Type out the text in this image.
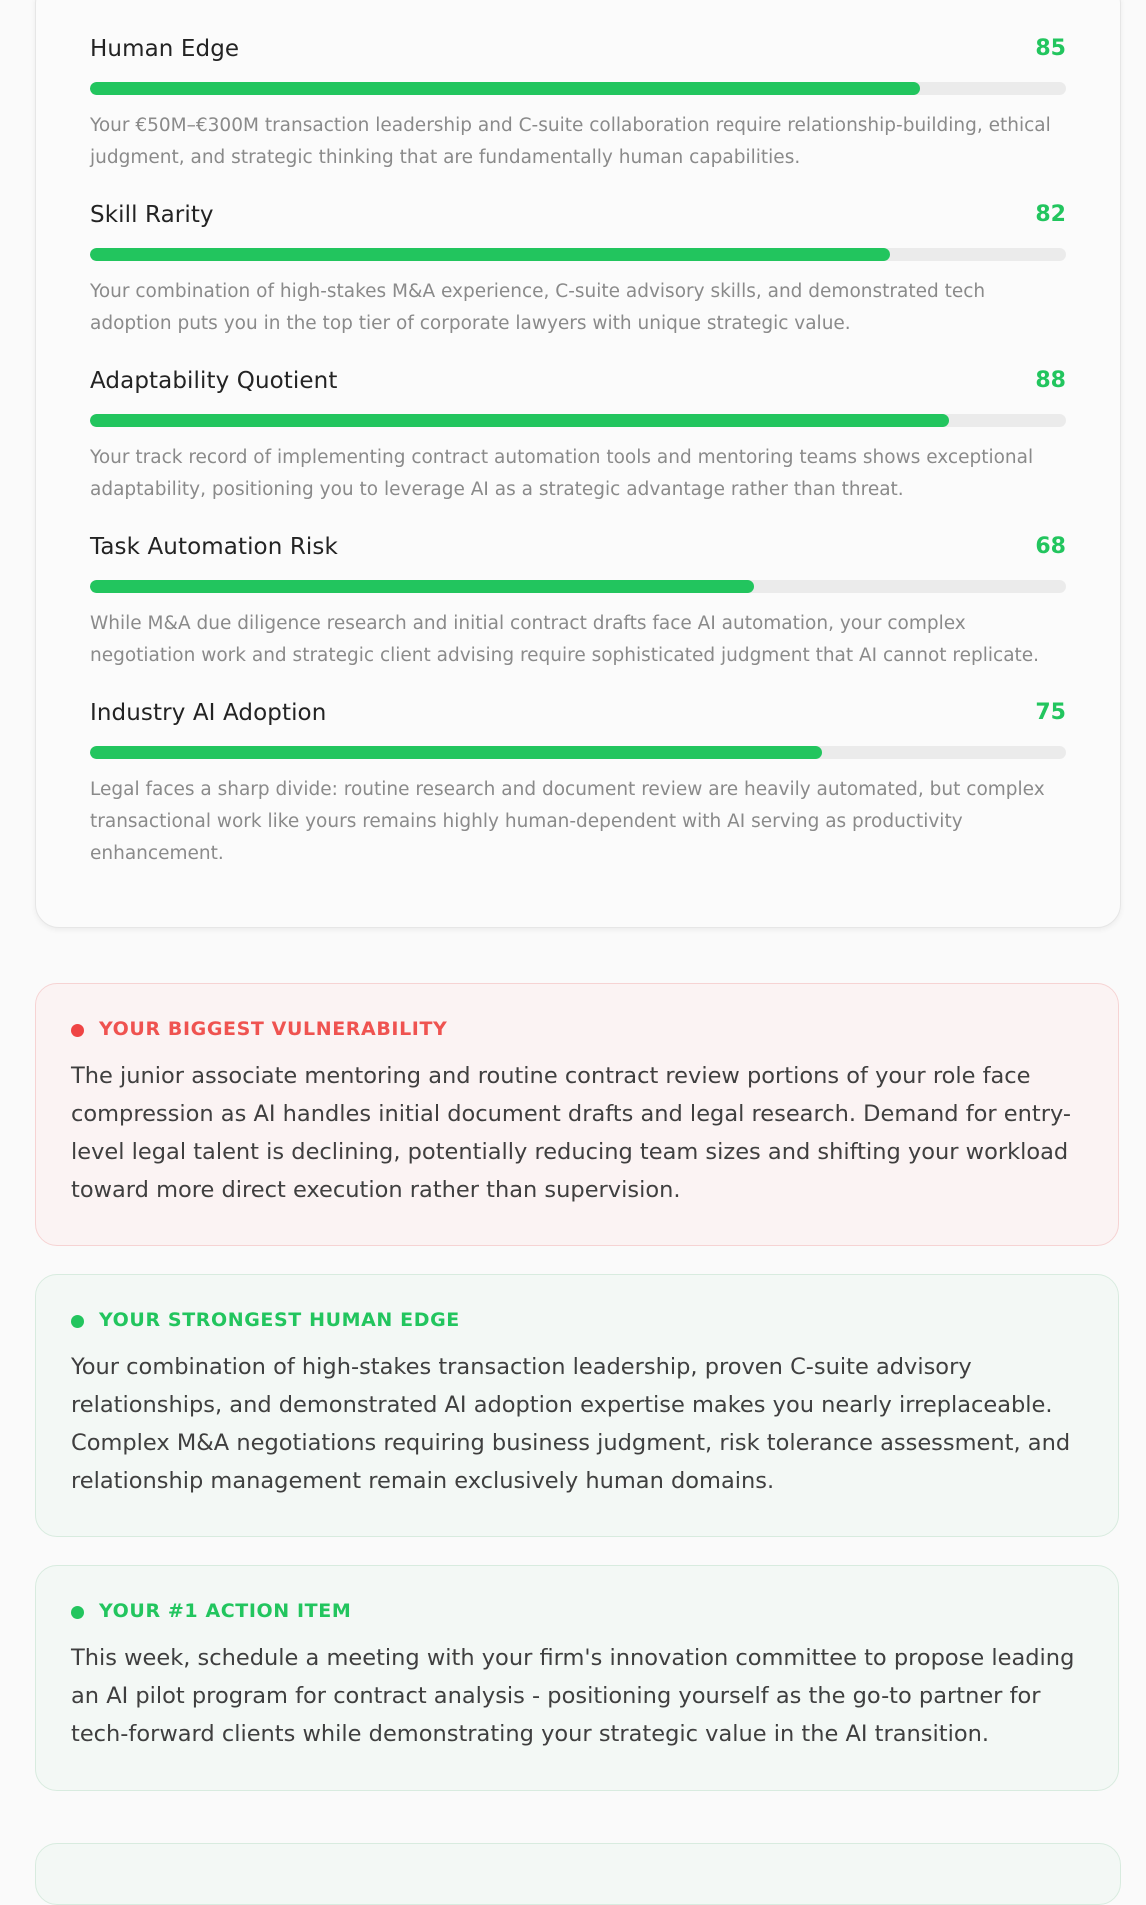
Human Edge	85
Your €50M–€300M transaction leadership and C-suite collaboration require relationship-building, ethical judgment, and strategic thinking that are fundamentally human capabilities.
Skill Rarity	82
Your combination of high-stakes M&A experience, C-suite advisory skills, and demonstrated tech adoption puts you in the top tier of corporate lawyers with unique strategic value.
Adaptability Quotient	88
Your track record of implementing contract automation tools and mentoring teams shows exceptional adaptability, positioning you to leverage AI as a strategic advantage rather than threat.
Task Automation Risk	68
While M&A due diligence research and initial contract drafts face AI automation, your complex negotiation work and strategic client advising require sophisticated judgment that AI cannot replicate.
Industry AI Adoption	75
Legal faces a sharp divide: routine research and document review are heavily automated, but complex transactional work like yours remains highly human-dependent with AI serving as productivity enhancement.
YOUR BIGGEST VULNERABILITY
The junior associate mentoring and routine contract review portions of your role face compression as AI handles initial document drafts and legal research. Demand for entry-level legal talent is declining, potentially reducing team sizes and shifting your workload toward more direct execution rather than supervision.
YOUR STRONGEST HUMAN EDGE
Your combination of high-stakes transaction leadership, proven C-suite advisory relationships, and demonstrated AI adoption expertise makes you nearly irreplaceable. Complex M&A negotiations requiring business judgment, risk tolerance assessment, and relationship management remain exclusively human domains.
YOUR #1 ACTION ITEM
This week, schedule a meeting with your firm's innovation committee to propose leading an AI pilot program for contract analysis - positioning yourself as the go-to partner for tech-forward clients while demonstrating your strategic value in the AI transition.
